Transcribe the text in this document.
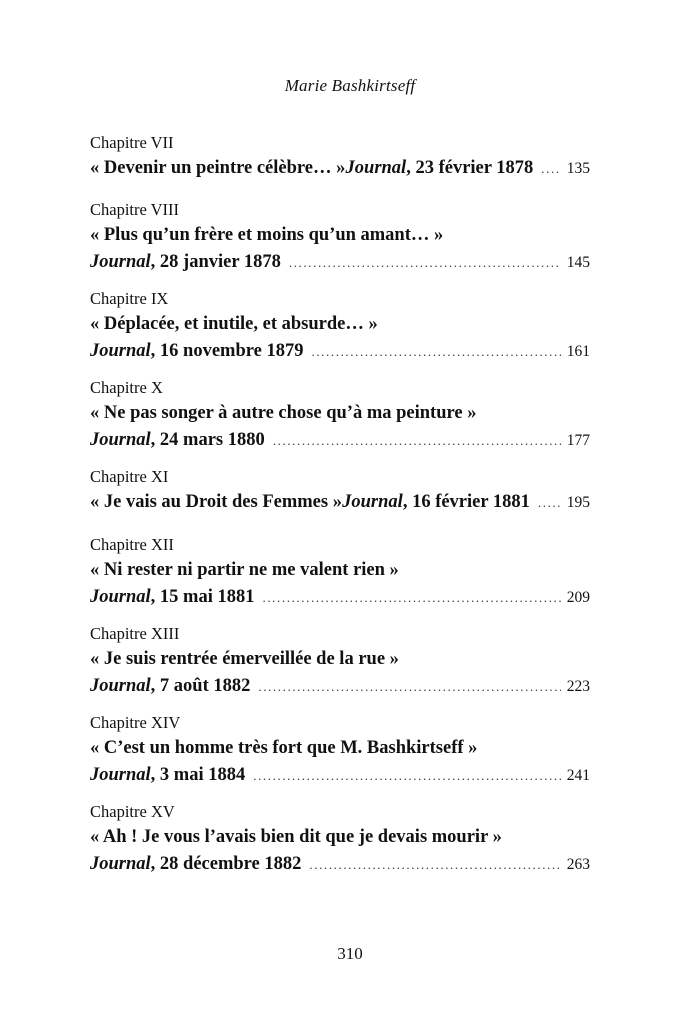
Marie Bashkirtseff
Chapitre VII
« Devenir un peintre célèbre… » Journal, 23 février 1878 ..... 135
Chapitre VIII
« Plus qu’un frère et moins qu’un amant… »
Journal, 28 janvier 1878 .....	145
Chapitre IX
« Déplacée, et inutile, et absurde… »
Journal, 16 novembre 1879 .....	161
Chapitre X
« Ne pas songer à autre chose qu’à ma peinture »
Journal, 24 mars 1880 .....	177
Chapitre XI
« Je vais au Droit des Femmes » Journal, 16 février 1881 ..... 195
Chapitre XII
« Ni rester ni partir ne me valent rien »
Journal, 15 mai 1881 .....	209
Chapitre XIII
« Je suis rentrée émerveillée de la rue »
Journal, 7 août 1882 .....	223
Chapitre XIV
« C’est un homme très fort que M. Bashkirtseff »
Journal, 3 mai 1884 .....	241
Chapitre XV
« Ah ! Je vous l’avais bien dit que je devais mourir »
Journal, 28 décembre 1882 .....	263
310
